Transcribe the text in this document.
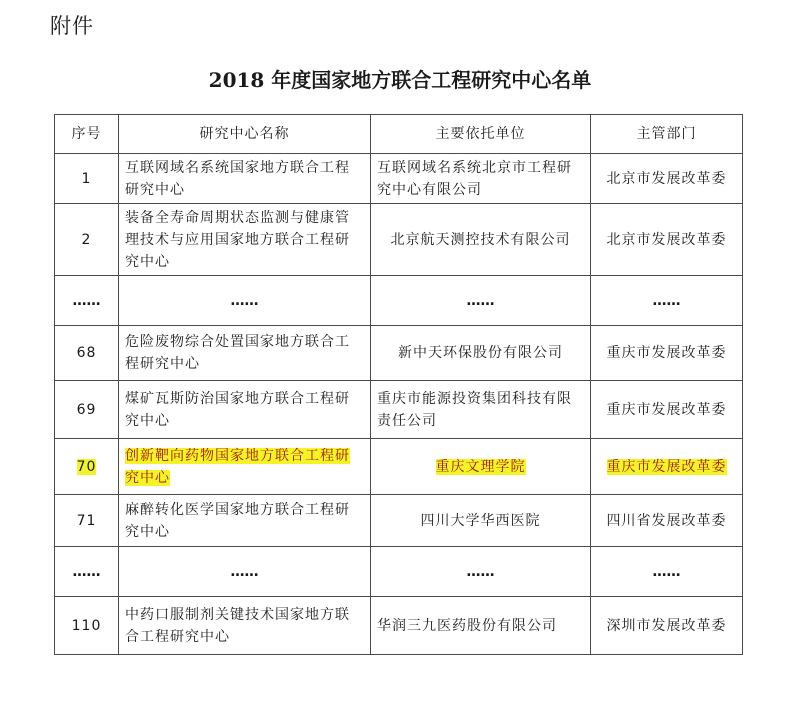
附件
2018 年度国家地方联合工程研究中心名单
序号	研究中心名称	主要依托单位	主管部门
1	互联网域名系统国家地方联合工程研究中心	互联网域名系统北京市工程研究中心有限公司	北京市发展改革委
2	装备全寿命周期状态监测与健康管理技术与应用国家地方联合工程研究中心	北京航天测控技术有限公司	北京市发展改革委
……	……	……	……
68	危险废物综合处置国家地方联合工程研究中心	新中天环保股份有限公司	重庆市发展改革委
69	煤矿瓦斯防治国家地方联合工程研究中心	重庆市能源投资集团科技有限责任公司	重庆市发展改革委
70	创新靶向药物国家地方联合工程研究中心	重庆文理学院	重庆市发展改革委
71	麻醉转化医学国家地方联合工程研究中心	四川大学华西医院	四川省发展改革委
……	……	……	……
110	中药口服制剂关键技术国家地方联合工程研究中心	华润三九医药股份有限公司	深圳市发展改革委
